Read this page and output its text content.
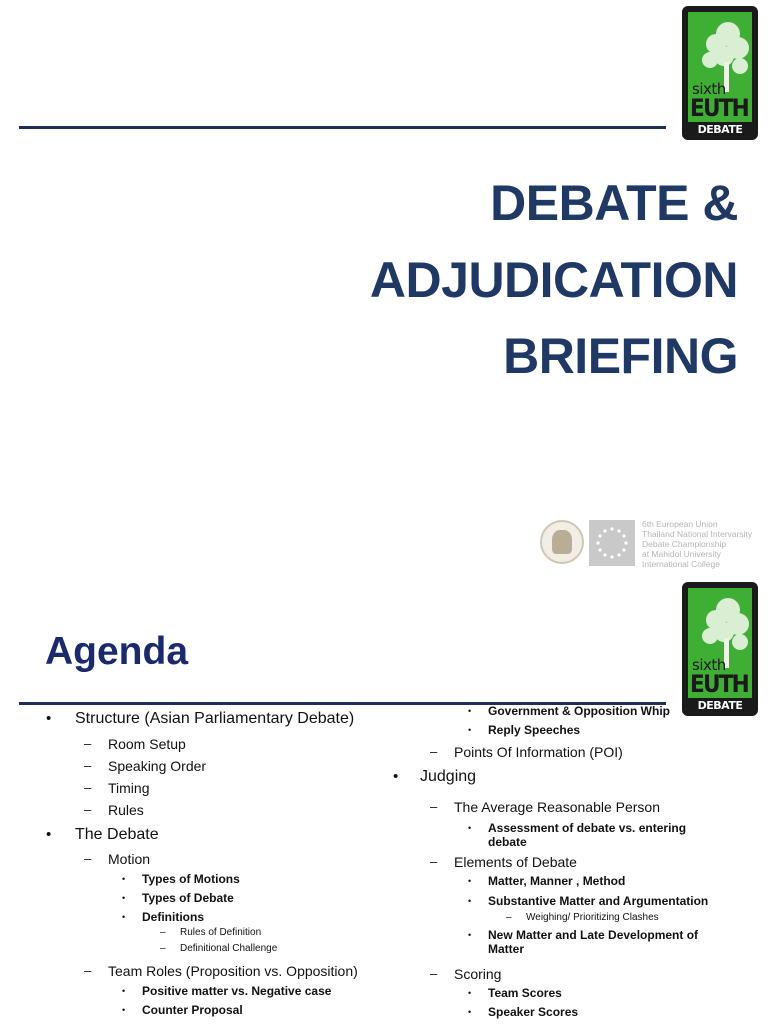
sixth
EUTH
DEBATE
DEBATE &
ADJUDICATION
BRIEFING
6th European Union
Thailand National Intervarsity
Debate Championship
at Mahidol University
International College
sixth
EUTH
DEBATE
Agenda
• Structure (Asian Parliamentary Debate)
– Room Setup
– Speaking Order
– Timing
– Rules
• The Debate
– Motion
• Types of Motions
• Types of Debate
• Definitions
– Rules of Definition
– Definitional Challenge
– Team Roles (Proposition vs. Opposition)
• Positive matter vs. Negative case
• Counter Proposal
• Government & Opposition Whip
• Reply Speeches
– Points Of Information (POI)
• Judging
– The Average Reasonable Person
• Assessment of debate vs. entering
debate
– Elements of Debate
• Matter, Manner , Method
• Substantive Matter and Argumentation
– Weighing/ Prioritizing Clashes
• New Matter and Late Development of
Matter
– Scoring
• Team Scores
• Speaker Scores
